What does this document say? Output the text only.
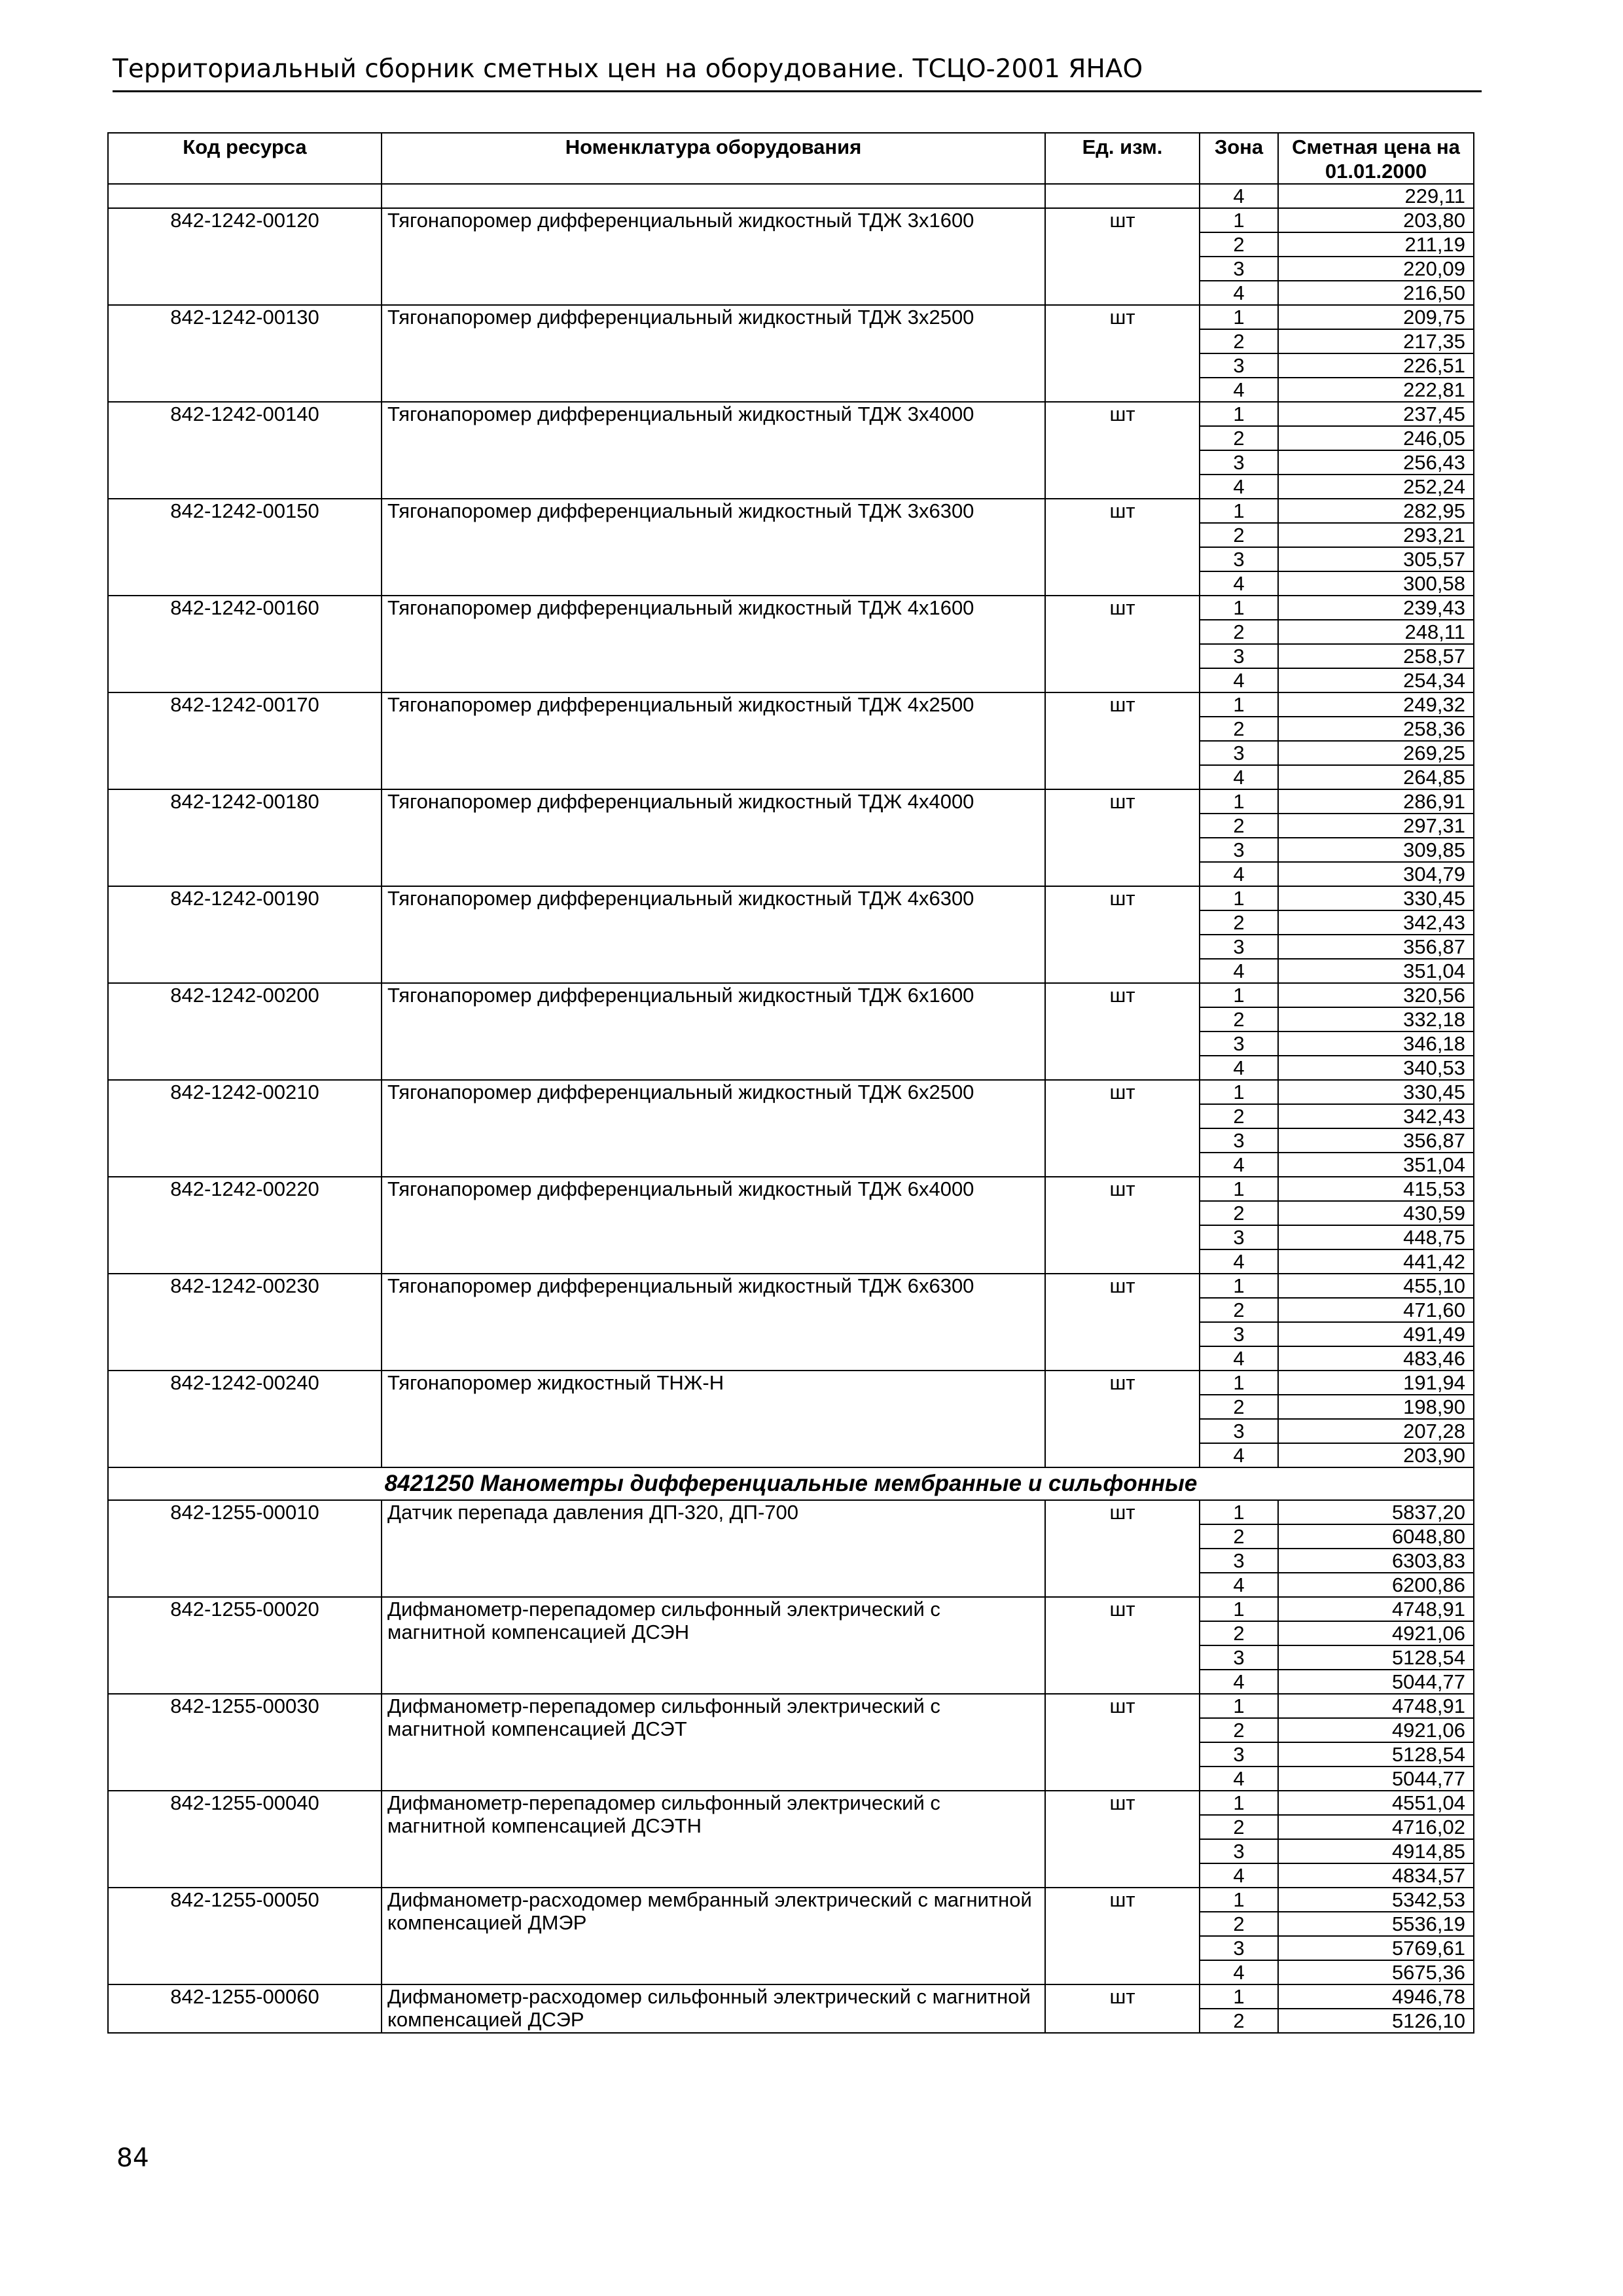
Территориальный сборник сметных цен на оборудование. ТСЦО-2001 ЯНАО
Код ресурса	Номенклатура оборудования	Ед. изм.	Зона	Сметная цена на 01.01.2000
			4	229,11
842-1242-00120	Тягонапоромер дифференциальный жидкостный ТДЖ 3х1600	шт	1	203,80
			2	211,19
			3	220,09
			4	216,50
842-1242-00130	Тягонапоромер дифференциальный жидкостный ТДЖ 3х2500	шт	1	209,75
			2	217,35
			3	226,51
			4	222,81
842-1242-00140	Тягонапоромер дифференциальный жидкостный ТДЖ 3х4000	шт	1	237,45
			2	246,05
			3	256,43
			4	252,24
842-1242-00150	Тягонапоромер дифференциальный жидкостный ТДЖ 3х6300	шт	1	282,95
			2	293,21
			3	305,57
			4	300,58
842-1242-00160	Тягонапоромер дифференциальный жидкостный ТДЖ 4х1600	шт	1	239,43
			2	248,11
			3	258,57
			4	254,34
842-1242-00170	Тягонапоромер дифференциальный жидкостный ТДЖ 4х2500	шт	1	249,32
			2	258,36
			3	269,25
			4	264,85
842-1242-00180	Тягонапоромер дифференциальный жидкостный ТДЖ 4х4000	шт	1	286,91
			2	297,31
			3	309,85
			4	304,79
842-1242-00190	Тягонапоромер дифференциальный жидкостный ТДЖ 4х6300	шт	1	330,45
			2	342,43
			3	356,87
			4	351,04
842-1242-00200	Тягонапоромер дифференциальный жидкостный ТДЖ 6х1600	шт	1	320,56
			2	332,18
			3	346,18
			4	340,53
842-1242-00210	Тягонапоромер дифференциальный жидкостный ТДЖ 6х2500	шт	1	330,45
			2	342,43
			3	356,87
			4	351,04
842-1242-00220	Тягонапоромер дифференциальный жидкостный ТДЖ 6х4000	шт	1	415,53
			2	430,59
			3	448,75
			4	441,42
842-1242-00230	Тягонапоромер дифференциальный жидкостный ТДЖ 6х6300	шт	1	455,10
			2	471,60
			3	491,49
			4	483,46
842-1242-00240	Тягонапоромер жидкостный ТНЖ-Н	шт	1	191,94
			2	198,90
			3	207,28
			4	203,90
8421250 Манометры дифференциальные мембранные и сильфонные				
842-1255-00010	Датчик перепада давления ДП-320, ДП-700	шт	1	5837,20
			2	6048,80
			3	6303,83
			4	6200,86
842-1255-00020	Дифманометр-перепадомер сильфонный электрический с магнитной компенсацией ДСЭН	шт	1	4748,91
			2	4921,06
			3	5128,54
			4	5044,77
842-1255-00030	Дифманометр-перепадомер сильфонный электрический с магнитной компенсацией ДСЭТ	шт	1	4748,91
			2	4921,06
			3	5128,54
			4	5044,77
842-1255-00040	Дифманометр-перепадомер сильфонный электрический с магнитной компенсацией ДСЭТН	шт	1	4551,04
			2	4716,02
			3	4914,85
			4	4834,57
842-1255-00050	Дифманометр-расходомер мембранный электрический с магнитной компенсацией ДМЭР	шт	1	5342,53
			2	5536,19
			3	5769,61
			4	5675,36
842-1255-00060	Дифманометр-расходомер сильфонный электрический с магнитной компенсацией ДСЭР	шт	1	4946,78
			2	5126,10
84
